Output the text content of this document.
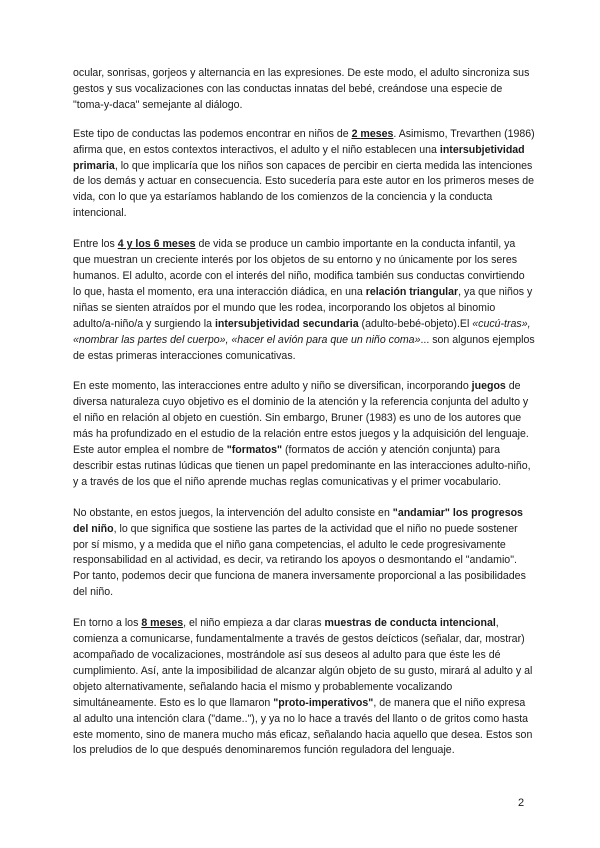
ocular, sonrisas, gorjeos y alternancia en las expresiones. De este modo, el adulto sincroniza sus gestos y sus vocalizaciones con las conductas innatas del bebé, creándose una especie de "toma-y-daca" semejante al diálogo.

Este tipo de conductas las podemos encontrar en niños de 2 meses. Asimismo, Trevarthen (1986) afirma que, en estos contextos interactivos, el adulto y el niño establecen una intersubjetividad primaria, lo que implicaría que los niños son capaces de percibir en cierta medida las intenciones de los demás y actuar en consecuencia. Esto sucedería para este autor en los primeros meses de vida, con lo que ya estaríamos hablando de los comienzos de la conciencia y la conducta intencional.

Entre los 4 y los 6 meses de vida se produce un cambio importante en la conducta infantil, ya que muestran un creciente interés por los objetos de su entorno y no únicamente por los seres humanos. El adulto, acorde con el interés del niño, modifica también sus conductas convirtiendo lo que, hasta el momento, era una interacción diádica, en una relación triangular, ya que niños y niñas se sienten atraídos por el mundo que les rodea, incorporando los objetos al binomio adulto/a-niño/a y surgiendo la intersubjetividad secundaria (adulto-bebé-objeto).El «cucú-tras», «nombrar las partes del cuerpo», «hacer el avión para que un niño coma»... son algunos ejemplos de estas primeras interacciones comunicativas.

En este momento, las interacciones entre adulto y niño se diversifican, incorporando juegos de diversa naturaleza cuyo objetivo es el dominio de la atención y la referencia conjunta del adulto y el niño en relación al objeto en cuestión. Sin embargo, Bruner (1983) es uno de los autores que más ha profundizado en el estudio de la relación entre estos juegos y la adquisición del lenguaje. Este autor emplea el nombre de "formatos" (formatos de acción y atención conjunta) para describir estas rutinas lúdicas que tienen un papel predominante en las interacciones adulto-niño, y a través de los que el niño aprende muchas reglas comunicativas y el primer vocabulario.

No obstante, en estos juegos, la intervención del adulto consiste en "andamiar" los progresos del niño, lo que significa que sostiene las partes de la actividad que el niño no puede sostener por sí mismo, y a medida que el niño gana competencias, el adulto le cede progresivamente responsabilidad en al actividad, es decir, va retirando los apoyos o desmontando el "andamio". Por tanto, podemos decir que funciona de manera inversamente proporcional a las posibilidades del niño.

En torno a los 8 meses, el niño empieza a dar claras muestras de conducta intencional, comienza a comunicarse, fundamentalmente a través de gestos deícticos (señalar, dar, mostrar) acompañado de vocalizaciones, mostrándole así sus deseos al adulto para que éste les dé cumplimiento. Así, ante la imposibilidad de alcanzar algún objeto de su gusto, mirará al adulto y al objeto alternativamente, señalando hacia el mismo y probablemente vocalizando simultáneamente. Esto es lo que llamaron "proto-imperativos", de manera que el niño expresa al adulto una intención clara ("dame.."), y ya no lo hace a través del llanto o de gritos como hasta este momento, sino de manera mucho más eficaz, señalando hacia aquello que desea. Estos son los preludios de lo que después denominaremos función reguladora del lenguaje.

2
